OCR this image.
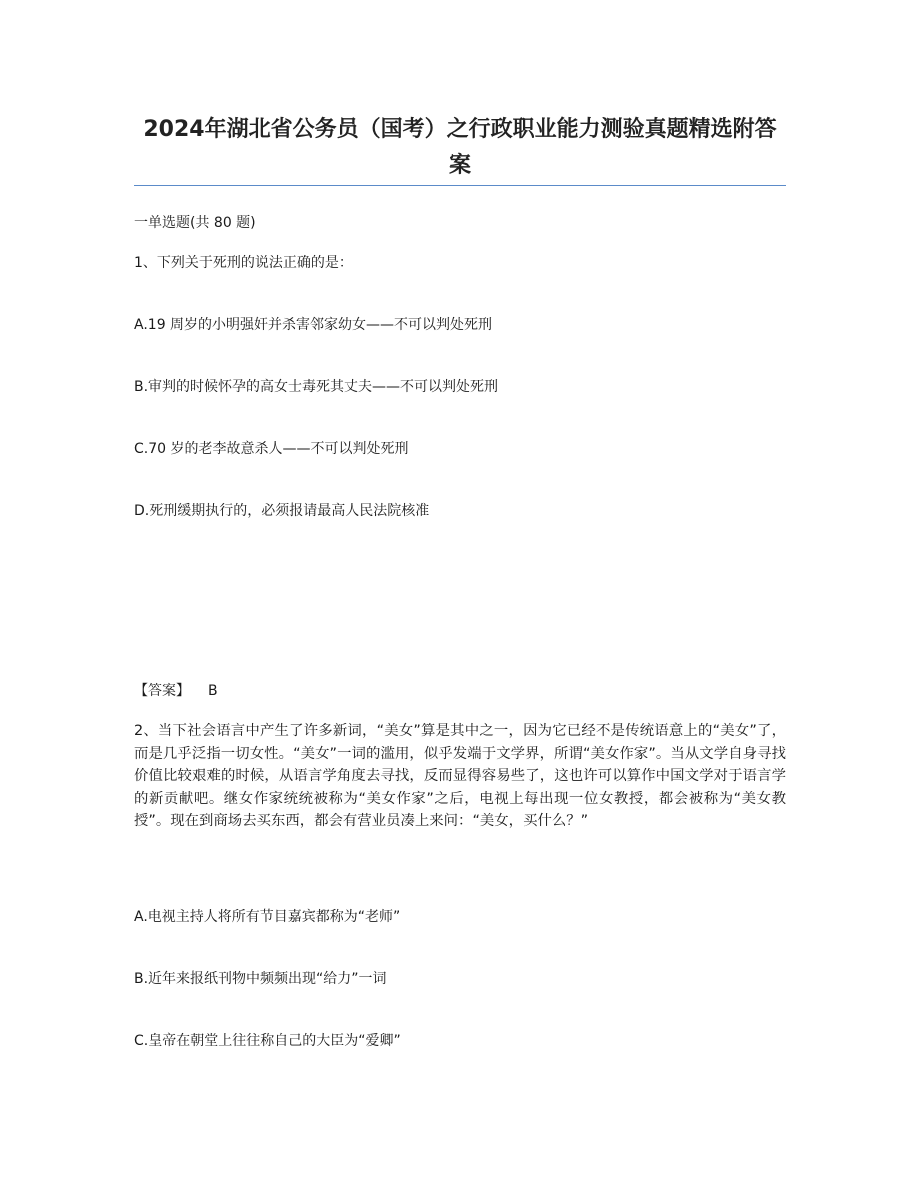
2024年湖北省公务员（国考）之行政职业能力测验真题精选附答案
一单选题(共 80 题)
1、下列关于死刑的说法正确的是：
A.19 周岁的小明强奸并杀害邻家幼女——不可以判处死刑
B.审判的时候怀孕的高女士毒死其丈夫——不可以判处死刑
C.70 岁的老李故意杀人——不可以判处死刑
D.死刑缓期执行的，必须报请最高人民法院核准
【答案】 B
2、当下社会语言中产生了许多新词，“美女”算是其中之一，因为它已经不是传统语意上的“美女”了，而是几乎泛指一切女性。“美女”一词的滥用，似乎发端于文学界，所谓“美女作家”。当从文学自身寻找价值比较艰难的时候，从语言学角度去寻找，反而显得容易些了，这也许可以算作中国文学对于语言学的新贡献吧。继女作家统统被称为“美女作家”之后，电视上每出现一位女教授，都会被称为“美女教授”。现在到商场去买东西，都会有营业员凑上来问：“美女，买什么？”
A.电视主持人将所有节目嘉宾都称为“老师”
B.近年来报纸刊物中频频出现“给力”一词
C.皇帝在朝堂上往往称自己的大臣为“爱卿”
